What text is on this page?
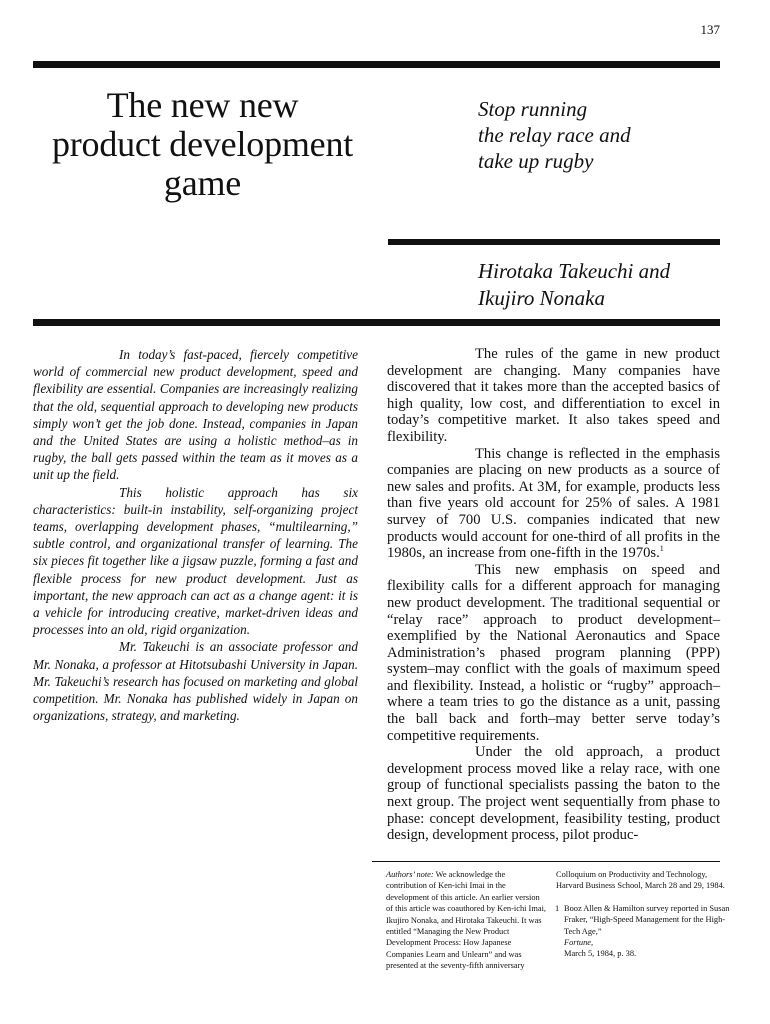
137
The new new
product development
game
Stop running
the relay race and
take up rugby
Hirotaka Takeuchi and
Ikujiro Nonaka

In today’s fast-paced, fiercely competitive world of commercial new product development, speed and flexibility are essential. Companies are increasingly realizing that the old, sequential approach to developing new products simply won’t get the job done. Instead, companies in Japan and the United States are using a holistic method–as in rugby, the ball gets passed within the team as it moves as a unit up the field.

This holistic approach has six characteristics: built-in instability, self-organizing project teams, overlapping development phases, “multilearning,” subtle control, and organizational transfer of learning. The six pieces fit together like a jigsaw puzzle, forming a fast and flexible process for new product development. Just as important, the new approach can act as a change agent: it is a vehicle for introducing creative, market-driven ideas and processes into an old, rigid organization.

Mr. Takeuchi is an associate professor and Mr. Nonaka, a professor at Hitotsubashi University in Japan. Mr. Takeuchi’s research has focused on marketing and global competition. Mr. Nonaka has published widely in Japan on organizations, strategy, and marketing.

The rules of the game in new product development are changing. Many companies have discovered that it takes more than the accepted basics of high quality, low cost, and differentiation to excel in today’s competitive market. It also takes speed and flexibility.

This change is reflected in the emphasis companies are placing on new products as a source of new sales and profits. At 3M, for example, products less than five years old account for 25% of sales. A 1981 survey of 700 U.S. companies indicated that new products would account for one-third of all profits in the 1980s, an increase from one-fifth in the 1970s.$^1$

This new emphasis on speed and flexibility calls for a different approach for managing new product development. The traditional sequential or “relay race” approach to product development–exemplified by the National Aeronautics and Space Administration’s phased program planning (PPP) system–may conflict with the goals of maximum speed and flexibility. Instead, a holistic or “rugby” approach–where a team tries to go the distance as a unit, passing the ball back and forth–may better serve today’s competitive requirements.

Under the old approach, a product development process moved like a relay race, with one group of functional specialists passing the baton to the next group. The project went sequentially from phase to phase: concept development, feasibility testing, product design, development process, pilot produc-

Authors’ note: We acknowledge the contribution of Ken-ichi Imai in the development of this article. An earlier version of this article was coauthored by Ken-ichi Imai, Ikujiro Nonaka, and Hirotaka Takeuchi. It was entitled “Managing the New Product Development Process: How Japanese Companies Learn and Unlearn” and was presented at the seventy-fifth anniversary
Colloquium on Productivity and Technology, Harvard Business School, March 28 and 29, 1984.
1 Booz Allen & Hamilton survey reported in Susan Fraker, “High-Speed Management for the High-Tech Age,”
Fortune,
March 5, 1984, p. 38.
